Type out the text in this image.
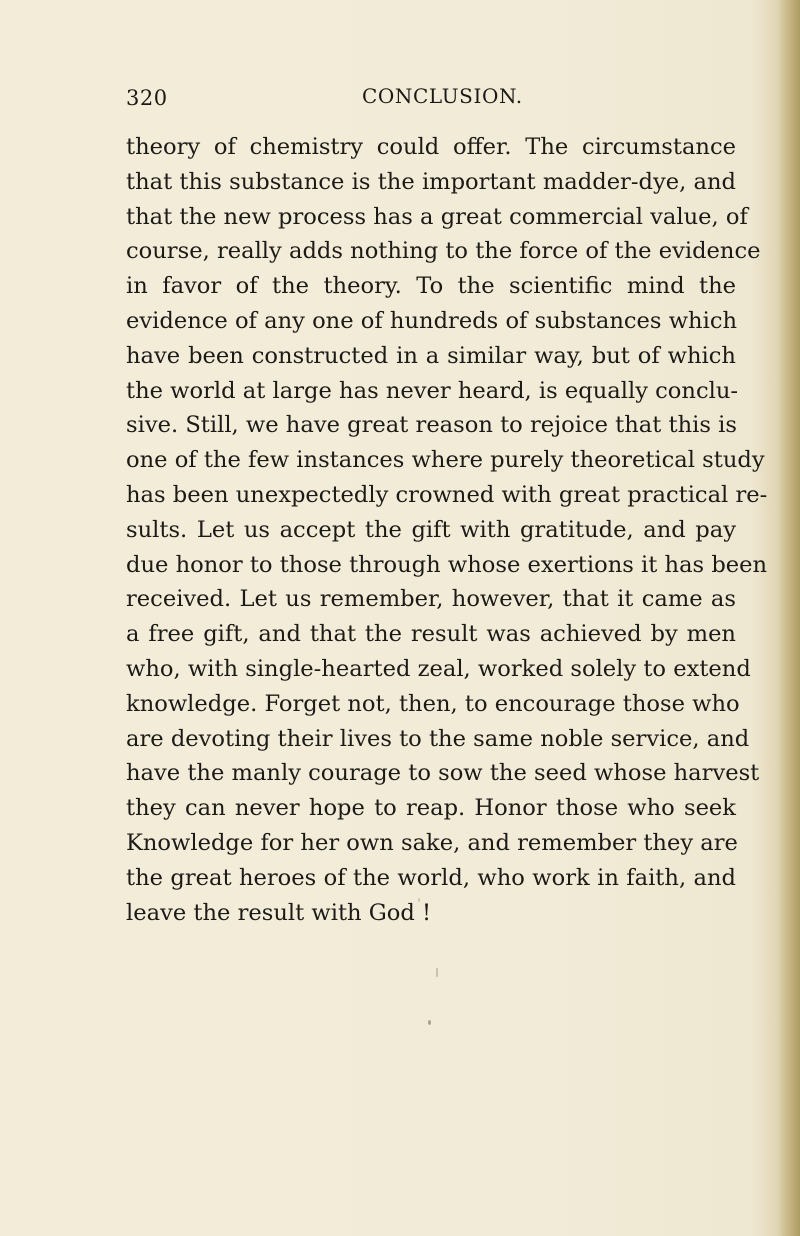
320	CONCLUSION.
theory of chemistry could offer. The circumstance
that this substance is the important madder-dye, and
that the new process has a great commercial value, of
course, really adds nothing to the force of the evidence
in favor of the theory. To the scientific mind the
evidence of any one of hundreds of substances which
have been constructed in a similar way, but of which
the world at large has never heard, is equally conclu-
sive. Still, we have great reason to rejoice that this is
one of the few instances where purely theoretical study
has been unexpectedly crowned with great practical re-
sults. Let us accept the gift with gratitude, and pay
due honor to those through whose exertions it has been
received. Let us remember, however, that it came as
a free gift, and that the result was achieved by men
who, with single-hearted zeal, worked solely to extend
knowledge. Forget not, then, to encourage those who
are devoting their lives to the same noble service, and
have the manly courage to sow the seed whose harvest
they can never hope to reap. Honor those who seek
Knowledge for her own sake, and remember they are
the great heroes of the world, who work in faith, and
leave the result with God !
